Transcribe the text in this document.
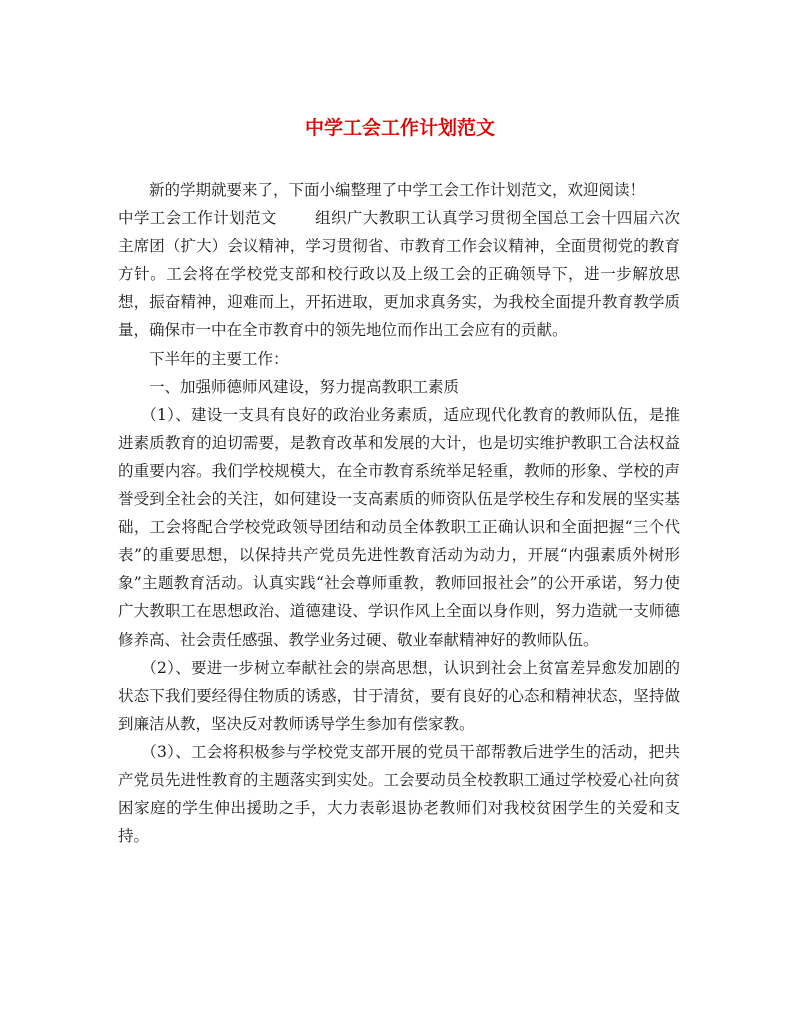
中学工会工作计划范文

新的学期就要来了，下面小编整理了中学工会工作计划范文，欢迎阅读！

中学工会工作计划范文 组织广大教职工认真学习贯彻全国总工会十四届六次主席团（扩大）会议精神，学习贯彻省、市教育工作会议精神，全面贯彻党的教育方针。工会将在学校党支部和校行政以及上级工会的正确领导下，进一步解放思想，振奋精神，迎难而上，开拓进取，更加求真务实，为我校全面提升教育教学质量，确保市一中在全市教育中的领先地位而作出工会应有的贡献。

下半年的主要工作：

一、加强师德师风建设，努力提高教职工素质

（1）、建设一支具有良好的政治业务素质，适应现代化教育的教师队伍，是推进素质教育的迫切需要，是教育改革和发展的大计，也是切实维护教职工合法权益的重要内容。我们学校规模大，在全市教育系统举足轻重，教师的形象、学校的声誉受到全社会的关注，如何建设一支高素质的师资队伍是学校生存和发展的坚实基础，工会将配合学校党政领导团结和动员全体教职工正确认识和全面把握“三个代表”的重要思想，以保持共产党员先进性教育活动为动力，开展“内强素质外树形象”主题教育活动。认真实践“社会尊师重教，教师回报社会”的公开承诺，努力使广大教职工在思想政治、道德建设、学识作风上全面以身作则，努力造就一支师德修养高、社会责任感强、教学业务过硬、敬业奉献精神好的教师队伍。

（2）、要进一步树立奉献社会的崇高思想，认识到社会上贫富差异愈发加剧的状态下我们要经得住物质的诱惑，甘于清贫，要有良好的心态和精神状态，坚持做到廉洁从教，坚决反对教师诱导学生参加有偿家教。

（3）、工会将积极参与学校党支部开展的党员干部帮教后进学生的活动，把共产党员先进性教育的主题落实到实处。工会要动员全校教职工通过学校爱心社向贫困家庭的学生伸出援助之手，大力表彰退协老教师们对我校贫困学生的关爱和支持。
